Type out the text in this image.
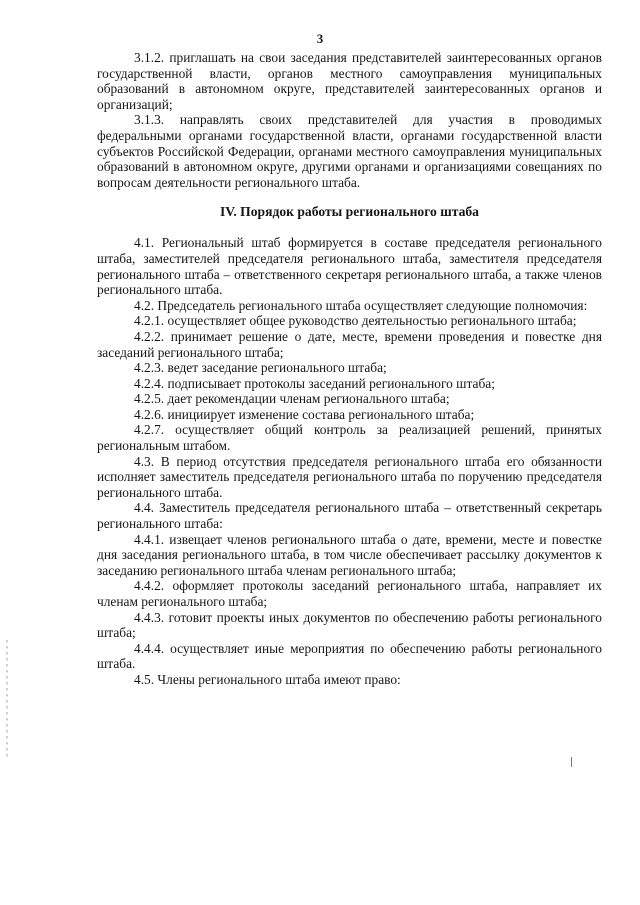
3

3.1.2. приглашать на свои заседания представителей заинтересованных органов государственной власти, органов местного самоуправления муниципальных образований в автономном округе, представителей заинтересованных органов и организаций;

3.1.3. направлять своих представителей для участия в проводимых федеральными органами государственной власти, органами государственной власти субъектов Российской Федерации, органами местного самоуправления муниципальных образований в автономном округе, другими органами и организациями совещаниях по вопросам деятельности регионального штаба.

IV. Порядок работы регионального штаба

4.1. Региональный штаб формируется в составе председателя регионального штаба, заместителей председателя регионального штаба, заместителя председателя регионального штаба – ответственного секретаря регионального штаба, а также членов регионального штаба.

4.2. Председатель регионального штаба осуществляет следующие полномочия:

4.2.1. осуществляет общее руководство деятельностью регионального штаба;

4.2.2. принимает решение о дате, месте, времени проведения и повестке дня заседаний регионального штаба;

4.2.3. ведет заседание регионального штаба;

4.2.4. подписывает протоколы заседаний регионального штаба;

4.2.5. дает рекомендации членам регионального штаба;

4.2.6. инициирует изменение состава регионального штаба;

4.2.7. осуществляет общий контроль за реализацией решений, принятых региональным штабом.

4.3. В период отсутствия председателя регионального штаба его обязанности исполняет заместитель председателя регионального штаба по поручению председателя регионального штаба.

4.4. Заместитель председателя регионального штаба – ответственный секретарь регионального штаба:

4.4.1. извещает членов регионального штаба о дате, времени, месте и повестке дня заседания регионального штаба, в том числе обеспечивает рассылку документов к заседанию регионального штаба членам регионального штаба;

4.4.2. оформляет протоколы заседаний регионального штаба, направляет их членам регионального штаба;

4.4.3. готовит проекты иных документов по обеспечению работы регионального штаба;

4.4.4. осуществляет иные мероприятия по обеспечению работы регионального штаба.

4.5. Члены регионального штаба имеют право:
